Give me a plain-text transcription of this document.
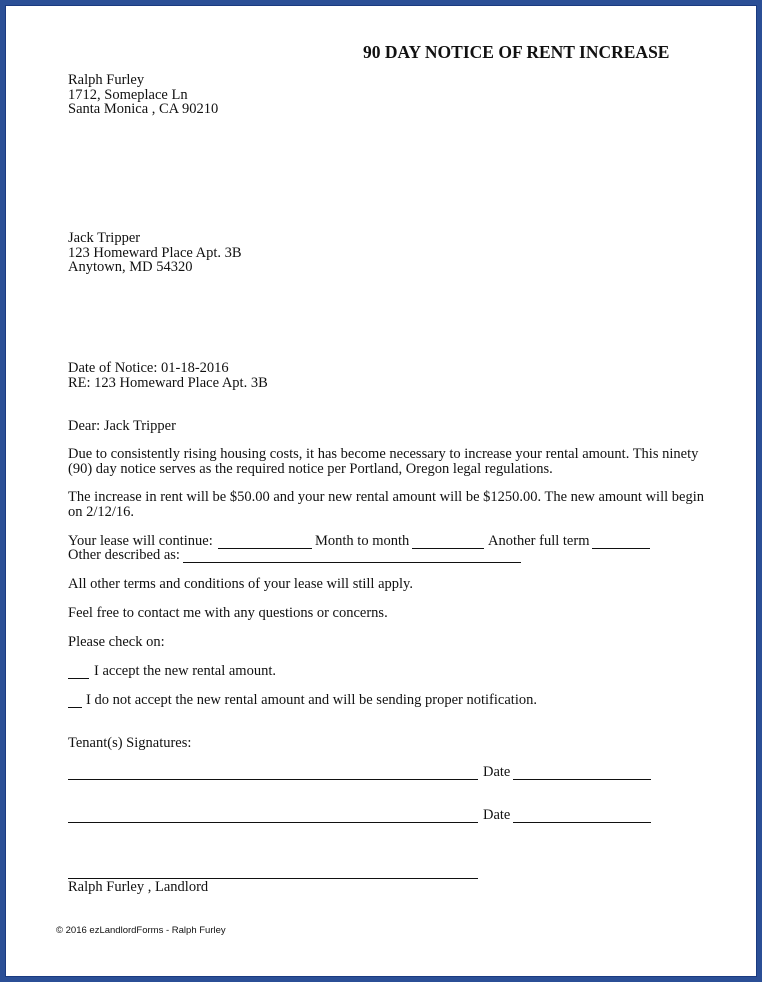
90 DAY NOTICE OF RENT INCREASE
Ralph Furley
1712, Someplace Ln
Santa Monica , CA 90210
Jack Tripper
123 Homeward Place Apt. 3B
Anytown, MD 54320
Date of Notice: 01-18-2016
RE: 123 Homeward Place Apt. 3B
Dear: Jack Tripper
Due to consistently rising housing costs, it has become necessary to increase your rental amount. This ninety (90) day notice serves as the required notice per Portland, Oregon legal regulations.
The increase in rent will be $50.00 and your new rental amount will be $1250.00. The new amount will begin on 2/12/16.
Your lease will continue:	Month to month	Another full term
Other described as:
All other terms and conditions of your lease will still apply.
Feel free to contact me with any questions or concerns.
Please check on:
I accept the new rental amount.
I do not accept the new rental amount and will be sending proper notification.
Tenant(s) Signatures:
Date
Date
Ralph Furley , Landlord
© 2016 ezLandlordForms - Ralph Furley
